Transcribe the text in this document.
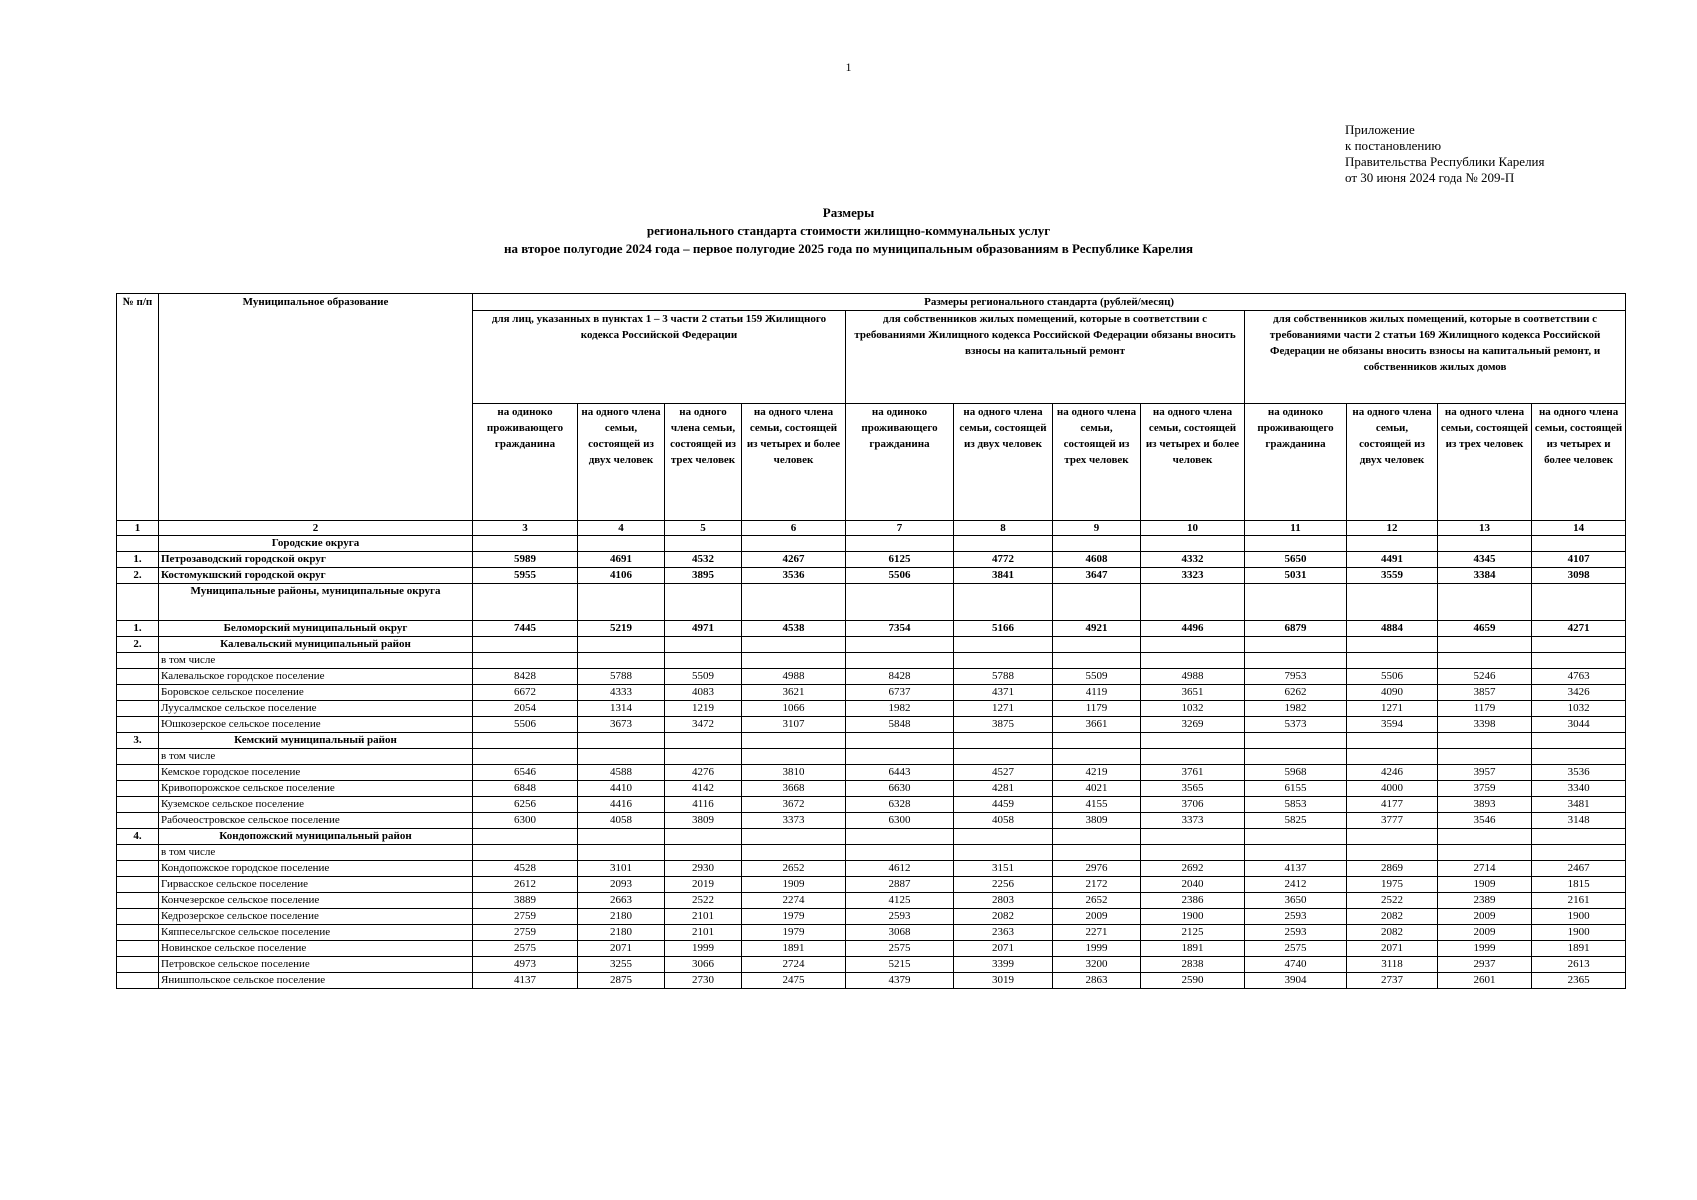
1
Приложение
к постановлению
Правительства Республики Карелия
от 30 июня 2024 года № 209-П
Размеры
регионального стандарта стоимости жилищно-коммунальных услуг
на второе полугодие 2024 года – первое полугодие 2025 года по муниципальным образованиям в Республике Карелия
№ п/п	Муниципальное образование	Размеры регионального стандарта (рублей/месяц)											
		для лиц, указанных в пунктах 1 – 3 части 2 статьи 159 Жилищного кодекса Российской Федерации				для собственников жилых помещений, которые в соответствии с требованиями Жилищного кодекса Российской Федерации обязаны вносить взносы на капитальный ремонт				для собственников жилых помещений, которые в соответствии с требованиями части 2 статьи 169 Жилищного кодекса Российской Федерации не обязаны вносить взносы на капитальный ремонт, и собственников жилых домов			
		на одиноко проживающего гражданина	на одного члена семьи, состоящей из двух человек	на одного члена семьи, состоящей из трех человек	на одного члена семьи, состоящей из четырех и более человек	на одиноко проживающего гражданина	на одного члена семьи, состоящей из двух человек	на одного члена семьи, состоящей из трех человек	на одного члена семьи, состоящей из четырех и более человек	на одиноко проживающего гражданина	на одного члена семьи, состоящей из двух человек	на одного члена семьи, состоящей из трех человек	на одного члена семьи, состоящей из четырех и более человек
1	2	3	4	5	6	7	8	9	10	11	12	13	14
	Городские округа												
1.	Петрозаводский городской округ	5989	4691	4532	4267	6125	4772	4608	4332	5650	4491	4345	4107
2.	Костомукшский городской округ	5955	4106	3895	3536	5506	3841	3647	3323	5031	3559	3384	3098
	Муниципальные районы, муниципальные округа												
1.	Беломорский муниципальный округ	7445	5219	4971	4538	7354	5166	4921	4496	6879	4884	4659	4271
2.	Калевальский муниципальный район												
	в том числе												
	Калевальское городское поселение	8428	5788	5509	4988	8428	5788	5509	4988	7953	5506	5246	4763
	Боровское сельское поселение	6672	4333	4083	3621	6737	4371	4119	3651	6262	4090	3857	3426
	Луусалмское сельское поселение	2054	1314	1219	1066	1982	1271	1179	1032	1982	1271	1179	1032
	Юшкозерское сельское поселение	5506	3673	3472	3107	5848	3875	3661	3269	5373	3594	3398	3044
3.	Кемский муниципальный район												
	в том числе												
	Кемское городское поселение	6546	4588	4276	3810	6443	4527	4219	3761	5968	4246	3957	3536
	Кривопорожское сельское поселение	6848	4410	4142	3668	6630	4281	4021	3565	6155	4000	3759	3340
	Куземское сельское поселение	6256	4416	4116	3672	6328	4459	4155	3706	5853	4177	3893	3481
	Рабочеостровское сельское поселение	6300	4058	3809	3373	6300	4058	3809	3373	5825	3777	3546	3148
4.	Кондопожский муниципальный район												
	в том числе												
	Кондопожское городское поселение	4528	3101	2930	2652	4612	3151	2976	2692	4137	2869	2714	2467
	Гирвасское сельское поселение	2612	2093	2019	1909	2887	2256	2172	2040	2412	1975	1909	1815
	Кончезерское сельское поселение	3889	2663	2522	2274	4125	2803	2652	2386	3650	2522	2389	2161
	Кедрозерское сельское поселение	2759	2180	2101	1979	2593	2082	2009	1900	2593	2082	2009	1900
	Кяппесельгское сельское поселение	2759	2180	2101	1979	3068	2363	2271	2125	2593	2082	2009	1900
	Новинское сельское поселение	2575	2071	1999	1891	2575	2071	1999	1891	2575	2071	1999	1891
	Петровское сельское поселение	4973	3255	3066	2724	5215	3399	3200	2838	4740	3118	2937	2613
	Янишпольское сельское поселение	4137	2875	2730	2475	4379	3019	2863	2590	3904	2737	2601	2365
